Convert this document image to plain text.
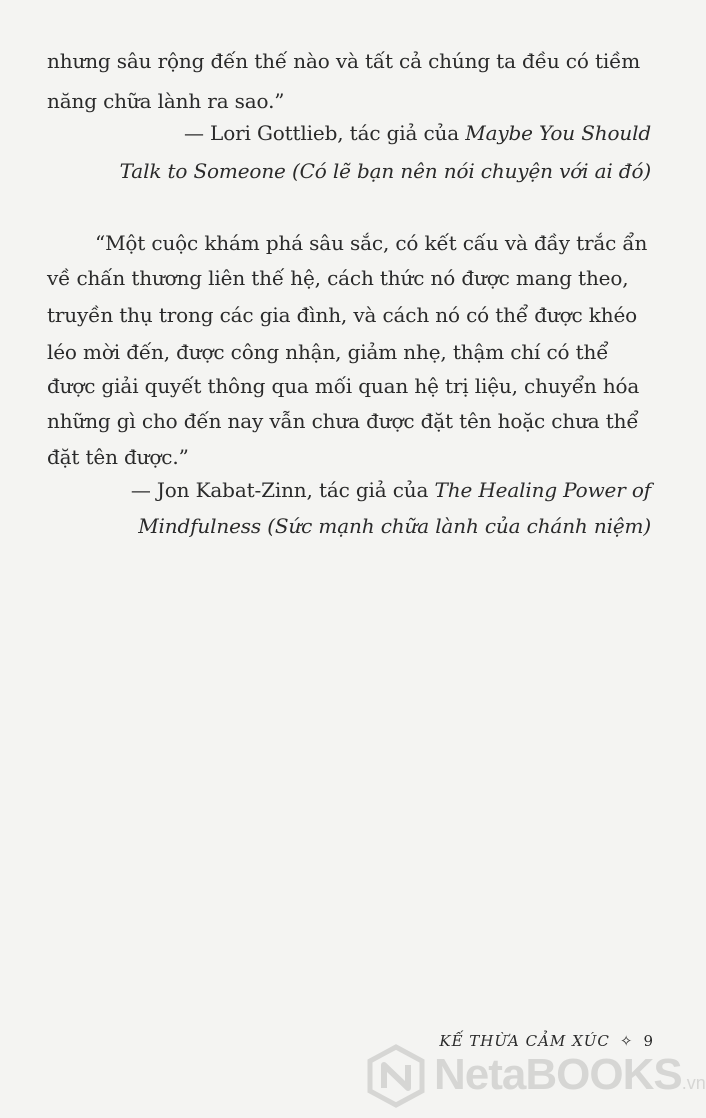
nhưng sâu rộng đến thế nào và tất cả chúng ta đều có tiềm
năng chữa lành ra sao.”
— Lori Gottlieb, tác giả của Maybe You Should
Talk to Someone (Có lẽ bạn nên nói chuyện với ai đó)
“Một cuộc khám phá sâu sắc, có kết cấu và đầy trắc ẩn
về chấn thương liên thế hệ, cách thức nó được mang theo,
truyền thụ trong các gia đình, và cách nó có thể được khéo
léo mời đến, được công nhận, giảm nhẹ, thậm chí có thể
được giải quyết thông qua mối quan hệ trị liệu, chuyển hóa
những gì cho đến nay vẫn chưa được đặt tên hoặc chưa thể
đặt tên được.”
— Jon Kabat-Zinn, tác giả của The Healing Power of
Mindfulness (Sức mạnh chữa lành của chánh niệm)
KẾ THỪA CẢM XÚC ✧ 9
NetaBOOKS.vn
